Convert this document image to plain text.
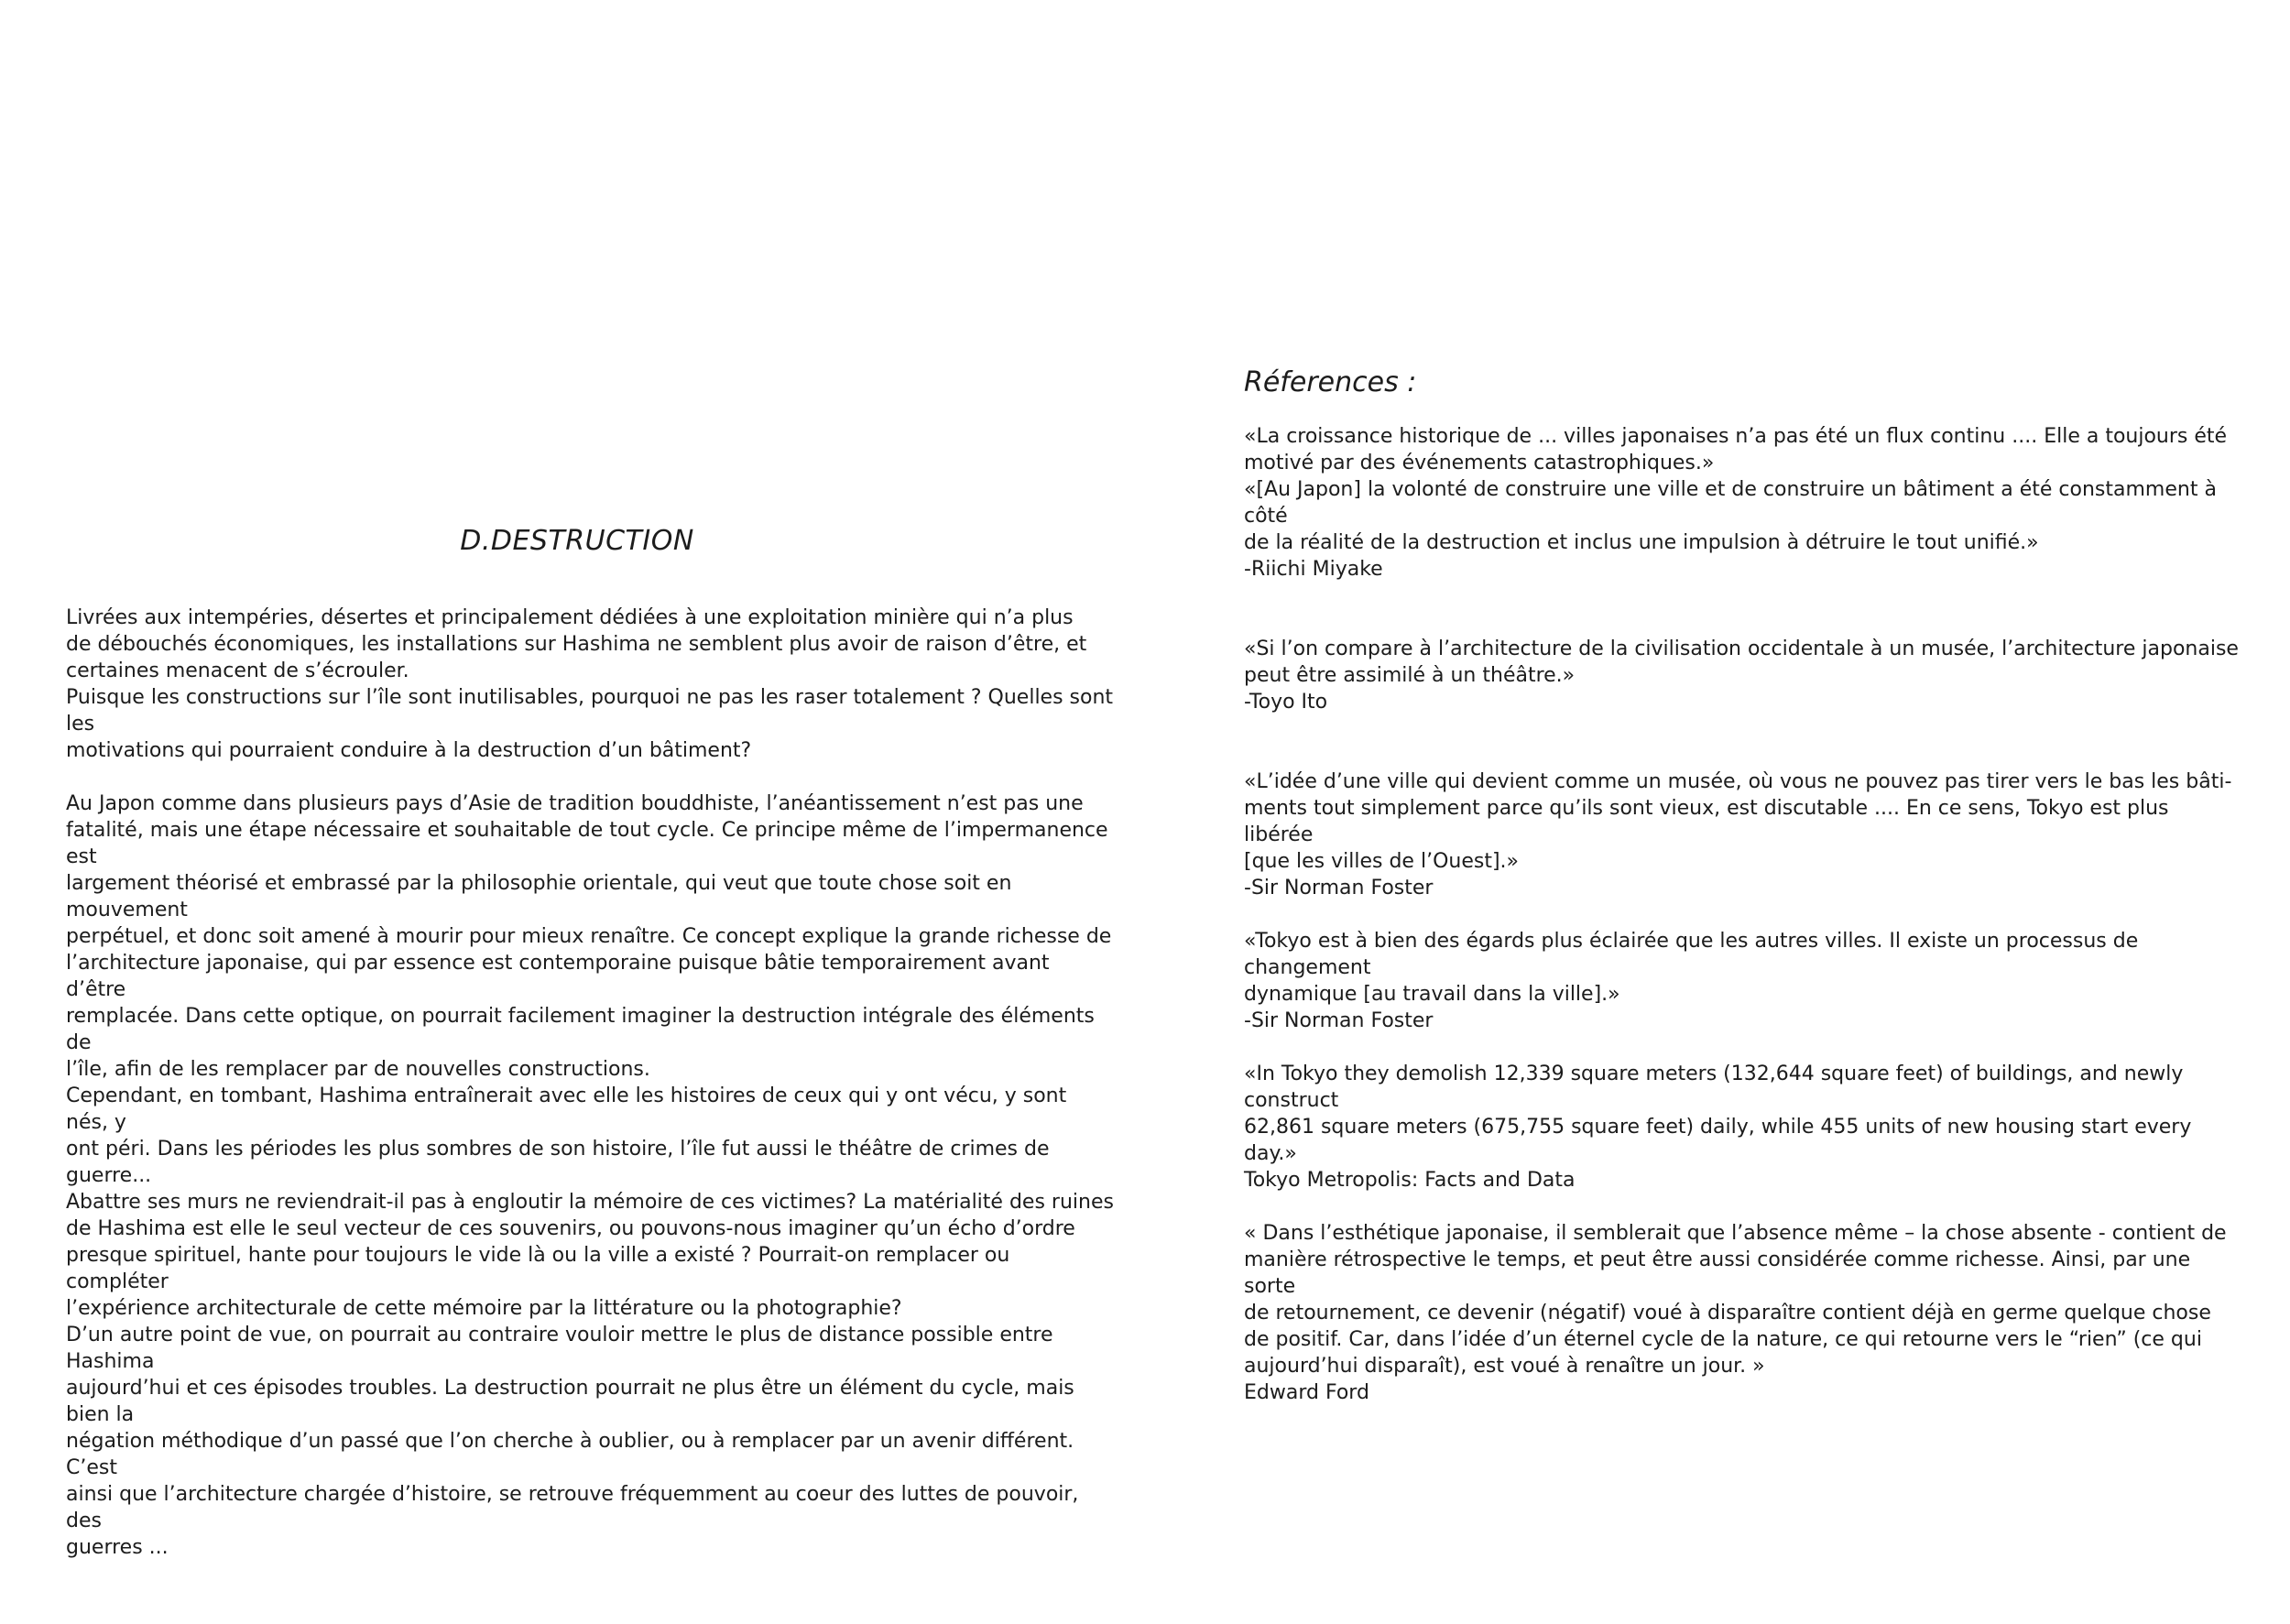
D.DESTRUCTION

Livrées aux intempéries, désertes et principalement dédiées à une exploitation minière qui n’a plus

de débouchés économiques, les installations sur Hashima ne semblent plus avoir de raison d’être, et

certaines menacent de s’écrouler.

Puisque les constructions sur l’île sont inutilisables, pourquoi ne pas les raser totalement ? Quelles sont les

motivations qui pourraient conduire à la destruction d’un bâtiment?

Au Japon comme dans plusieurs pays d’Asie de tradition bouddhiste, l’anéantissement n’est pas une

fatalité, mais une étape nécessaire et souhaitable de tout cycle. Ce principe même de l’impermanence est

largement théorisé et embrassé par la philosophie orientale, qui veut que toute chose soit en mouvement

perpétuel, et donc soit amené à mourir pour mieux renaître. Ce concept explique la grande richesse de

l’architecture japonaise, qui par essence est contemporaine puisque bâtie temporairement avant d’être

remplacée. Dans cette optique, on pourrait facilement imaginer la destruction intégrale des éléments de

l’île, afin de les remplacer par de nouvelles constructions.

Cependant, en tombant, Hashima entraînerait avec elle les histoires de ceux qui y ont vécu, y sont nés, y

ont péri. Dans les périodes les plus sombres de son histoire, l’île fut aussi le théâtre de crimes de guerre...

Abattre ses murs ne reviendrait-il pas à engloutir la mémoire de ces victimes? La matérialité des ruines

de Hashima est elle le seul vecteur de ces souvenirs, ou pouvons-nous imaginer qu’un écho d’ordre

presque spirituel, hante pour toujours le vide là ou la ville a existé ? Pourrait-on remplacer ou compléter

l’expérience architecturale de cette mémoire par la littérature ou la photographie?

D’un autre point de vue, on pourrait au contraire vouloir mettre le plus de distance possible entre Hashima

aujourd’hui et ces épisodes troubles. La destruction pourrait ne plus être un élément du cycle, mais bien la

négation méthodique d’un passé que l’on cherche à oublier, ou à remplacer par un avenir différent. C’est

ainsi que l’architecture chargée d’histoire, se retrouve fréquemment au coeur des luttes de pouvoir, des

guerres ...

Réferences :
«La croissance historique de ... villes japonaises n’a pas été un flux continu .... Elle a toujours été
motivé par des événements catastrophiques.»
«[Au Japon] la volonté de construire une ville et de construire un bâtiment a été constamment à côté
de la réalité de la destruction et inclus une impulsion à détruire le tout unifié.»
-Riichi Miyake
«Si l’on compare à l’architecture de la civilisation occidentale à un musée, l’architecture japonaise
peut être assimilé à un théâtre.»
-Toyo Ito
«L’idée d’une ville qui devient comme un musée, où vous ne pouvez pas tirer vers le bas les bâti-
ments tout simplement parce qu’ils sont vieux, est discutable .... En ce sens, Tokyo est plus libérée
[que les villes de l’Ouest].»
-Sir Norman Foster
«Tokyo est à bien des égards plus éclairée que les autres villes. Il existe un processus de changement
dynamique [au travail dans la ville].»
-Sir Norman Foster
«In Tokyo they demolish 12,339 square meters (132,644 square feet) of buildings, and newly construct
62,861 square meters (675,755 square feet) daily, while 455 units of new housing start every day.»
Tokyo Metropolis: Facts and Data
« Dans l’esthétique japonaise, il semblerait que l’absence même – la chose absente - contient de
manière rétrospective le temps, et peut être aussi considérée comme richesse. Ainsi, par une sorte
de retournement, ce devenir (négatif) voué à disparaître contient déjà en germe quelque chose
de positif. Car, dans l’idée d’un éternel cycle de la nature, ce qui retourne vers le “rien” (ce qui
aujourd’hui disparaît), est voué à renaître un jour. »
Edward Ford
